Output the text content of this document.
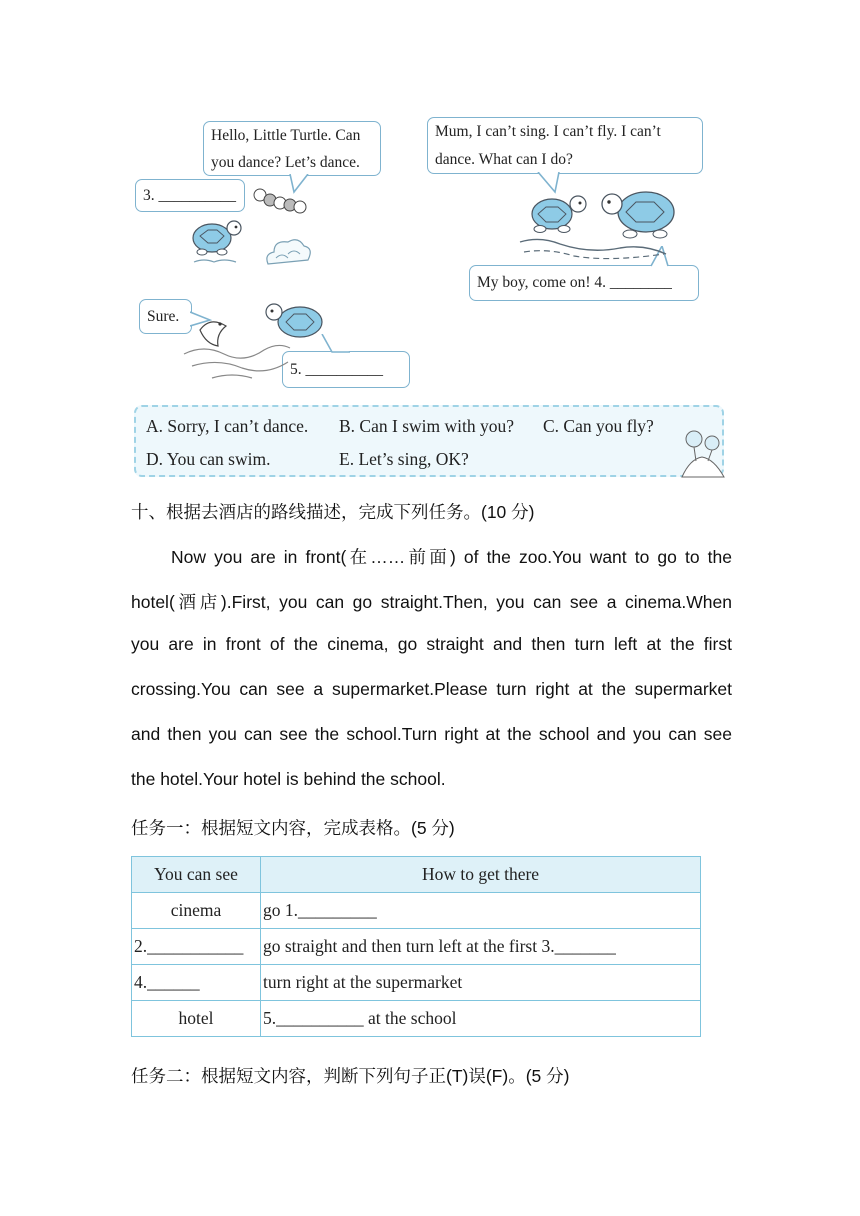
Hello, Little Turtle. Can
you dance? Let’s dance.
3. __________
Mum, I can’t sing. I can’t fly. I can’t
dance. What can I do?
My boy, come on! 4. ________
Sure.
5. __________
A. Sorry, I can’t dance. B. Can I swim with you? C. Can you fly?
D. You can swim.	E. Let’s sing, OK?
十、根据去酒店的路线描述，完成下列任务。(10 分)
Now you are in front(在……前面) of the zoo.You want to go to the
hotel(酒店).First, you can go straight.Then, you can see a cinema.When
you are in front of the cinema, go straight and then turn left at the first
crossing.You can see a supermarket.Please turn right at the supermarket
and then you can see the school.Turn right at the school and you can see
the hotel.Your hotel is behind the school.
任务一：根据短文内容，完成表格。(5 分)
You can see	How to get there
cinema	go 1._________
2.___________	go straight and then turn left at the first 3._______
4.______	turn right at the supermarket
hotel	5.__________ at the school
任务二：根据短文内容，判断下列句子正(T)误(F)。(5 分)
